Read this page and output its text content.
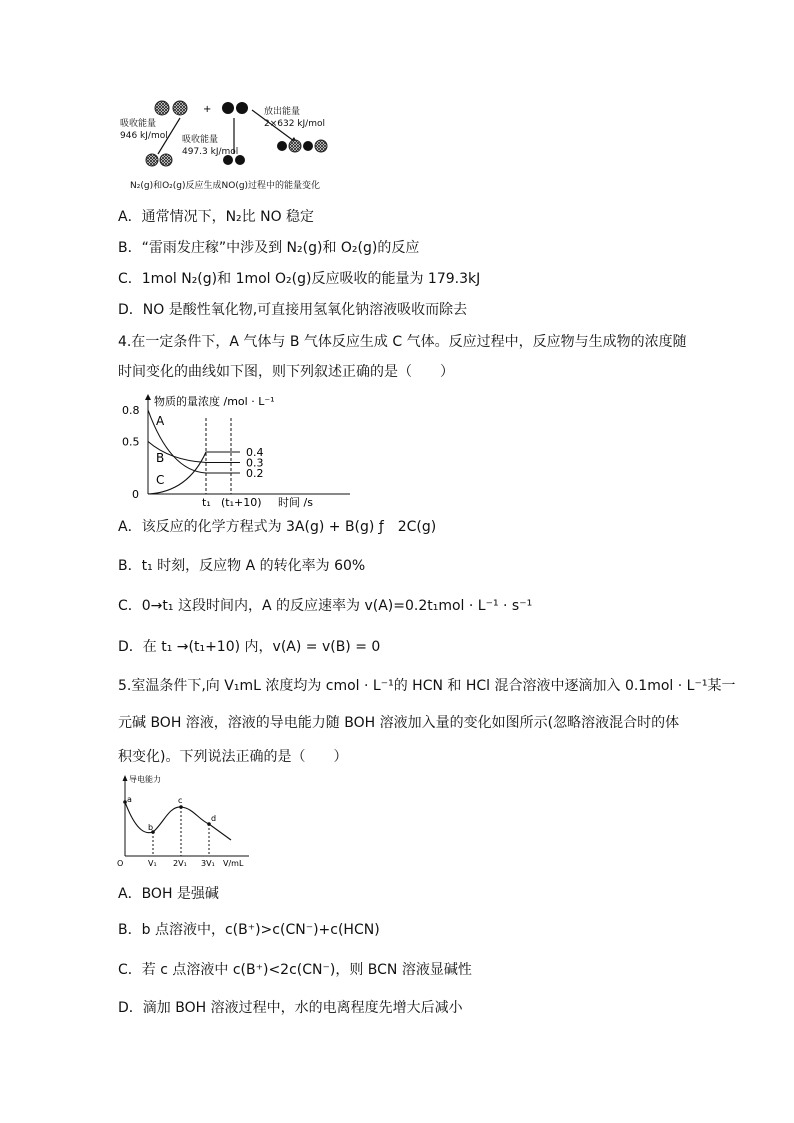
+
吸收能量
946 kJ/mol 吸收能量
497.3 kJ/mol
放出能量
2×632 kJ/mol
N₂(g)和O₂(g)反应生成NO(g)过程中的能量变化
A．通常情况下，N₂比 NO 稳定
B．“雷雨发庄稼”中涉及到 N₂(g)和 O₂(g)的反应
C．1mol N₂(g)和 1mol O₂(g)反应吸收的能量为 179.3kJ
D．NO 是酸性氧化物,可直接用氢氧化钠溶液吸收而除去
4.在一定条件下，A 气体与 B 气体反应生成 C 气体。反应过程中，反应物与生成物的浓度随
时间变化的曲线如下图，则下列叙述正确的是（　　）
物质的量浓度 /mol · L⁻¹
0.8
0.5
0
t₁ (t₁+10) 时间 /s
A
B
C
0.4
0.3
0.2
A．该反应的化学方程式为 3A(g) + B(g) ƒ　2C(g)
B．t₁ 时刻，反应物 A 的转化率为 60%
C．0→t₁ 这段时间内，A 的反应速率为 v(A)=0.2t₁mol · L⁻¹ · s⁻¹
D．在 t₁ →(t₁+10) 内，v(A) = v(B) = 0
5.室温条件下,向 V₁mL 浓度均为 cmol · L⁻¹的 HCN 和 HCl 混合溶液中逐滴加入 0.1mol · L⁻¹某一
元碱 BOH 溶液，溶液的导电能力随 BOH 溶液加入量的变化如图所示(忽略溶液混合时的体
积变化)。下列说法正确的是（　　）
导电能力
O
a
b
c
d
V₁ 2V₁ 3V₁ V/mL
A．BOH 是强碱
B．b 点溶液中，c(B⁺)>c(CN⁻)+c(HCN)
C．若 c 点溶液中 c(B⁺)<2c(CN⁻)，则 BCN 溶液显碱性
D．滴加 BOH 溶液过程中，水的电离程度先增大后减小
